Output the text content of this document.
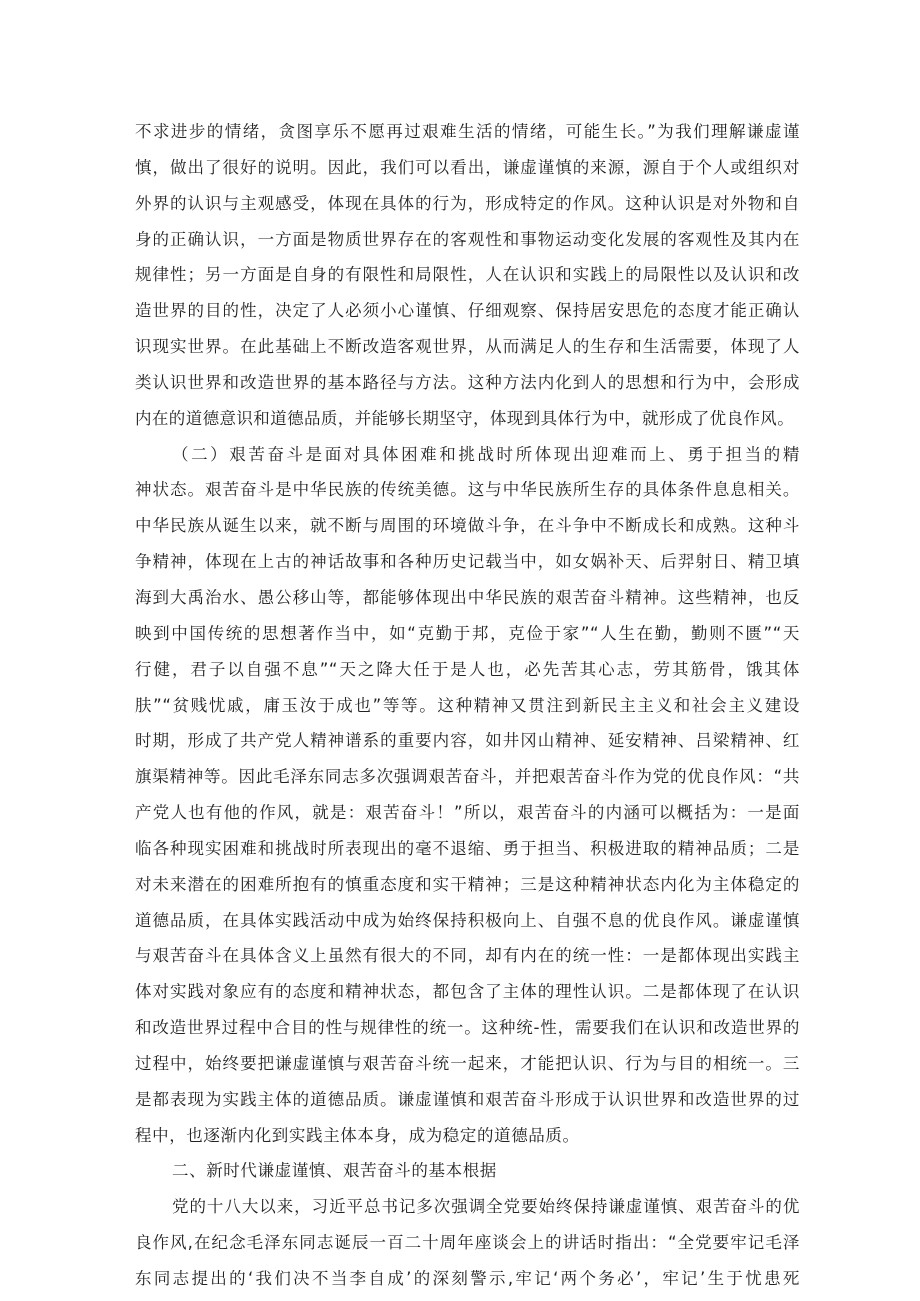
不求进步的情绪，贪图享乐不愿再过艰难生活的情绪，可能生长。”为我们理解谦虚谨
慎，做出了很好的说明。因此，我们可以看出，谦虚谨慎的来源，源自于个人或组织对
外界的认识与主观感受，体现在具体的行为，形成特定的作风。这种认识是对外物和自
身的正确认识，一方面是物质世界存在的客观性和事物运动变化发展的客观性及其内在
规律性；另一方面是自身的有限性和局限性，人在认识和实践上的局限性以及认识和改
造世界的目的性，决定了人必须小心谨慎、仔细观察、保持居安思危的态度才能正确认
识现实世界。在此基础上不断改造客观世界，从而满足人的生存和生活需要，体现了人
类认识世界和改造世界的基本路径与方法。这种方法内化到人的思想和行为中，会形成
内在的道德意识和道德品质，并能够长期坚守，体现到具体行为中，就形成了优良作风。
（二）艰苦奋斗是面对具体困难和挑战时所体现出迎难而上、勇于担当的精
神状态。艰苦奋斗是中华民族的传统美德。这与中华民族所生存的具体条件息息相关。
中华民族从诞生以来，就不断与周围的环境做斗争，在斗争中不断成长和成熟。这种斗
争精神，体现在上古的神话故事和各种历史记载当中，如女娲补天、后羿射日、精卫填
海到大禹治水、愚公移山等，都能够体现出中华民族的艰苦奋斗精神。这些精神，也反
映到中国传统的思想著作当中，如“克勤于邦，克俭于家”“人生在勤，勤则不匮”“天
行健，君子以自强不息”“天之降大任于是人也，必先苦其心志，劳其筋骨，饿其体
肤”“贫贱忧戚，庸玉汝于成也”等等。这种精神又贯注到新民主主义和社会主义建设
时期，形成了共产党人精神谱系的重要内容，如井冈山精神、延安精神、吕梁精神、红
旗渠精神等。因此毛泽东同志多次强调艰苦奋斗，并把艰苦奋斗作为党的优良作风：“共
产党人也有他的作风，就是：艰苦奋斗！”所以，艰苦奋斗的内涵可以概括为：一是面
临各种现实困难和挑战时所表现出的毫不退缩、勇于担当、积极进取的精神品质；二是
对未来潜在的困难所抱有的慎重态度和实干精神；三是这种精神状态内化为主体稳定的
道德品质，在具体实践活动中成为始终保持积极向上、自强不息的优良作风。谦虚谨慎
与艰苦奋斗在具体含义上虽然有很大的不同，却有内在的统一性：一是都体现出实践主
体对实践对象应有的态度和精神状态，都包含了主体的理性认识。二是都体现了在认识
和改造世界过程中合目的性与规律性的统一。这种统-性，需要我们在认识和改造世界的
过程中，始终要把谦虚谨慎与艰苦奋斗统一起来，才能把认识、行为与目的相统一。三
是都表现为实践主体的道德品质。谦虚谨慎和艰苦奋斗形成于认识世界和改造世界的过
程中，也逐渐内化到实践主体本身，成为稳定的道德品质。
二、新时代谦虚谨慎、艰苦奋斗的基本根据
党的十八大以来，习近平总书记多次强调全党要始终保持谦虚谨慎、艰苦奋斗的优
良作风,在纪念毛泽东同志诞辰一百二十周年座谈会上的讲话时指出：“全党要牢记毛泽
东同志提出的‘我们决不当李自成’的深刻警示,牢记‘两个务必’，牢记’生于忧患死
